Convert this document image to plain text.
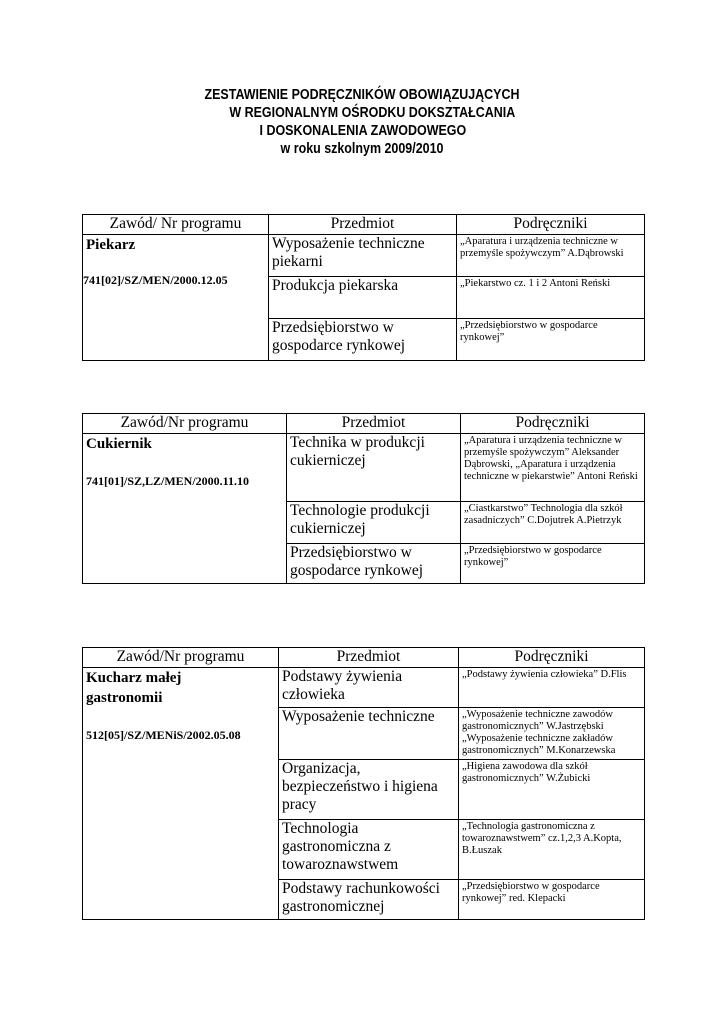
ZESTAWIENIE PODRĘCZNIKÓW OBOWIĄZUJĄCYCH
W REGIONALNYM OŚRODKU DOKSZTAŁCANIA
I DOSKONALENIA ZAWODOWEGO
w roku szkolnym 2009/2010
Zawód/ Nr programu	Przedmiot	Podręczniki

Piekarz
741[02]/SZ/MEN/2000.12.05	Wyposażenie techniczne piekarni	„Aparatura i urządzenia techniczne w przemyśle spożywczym” A.Dąbrowski
	Produkcja piekarska	„Piekarstwo cz. 1 i 2 Antoni Reński
	Przedsiębiorstwo w gospodarce rynkowej	„Przedsiębiorstwo w gospodarce rynkowej”
Zawód/Nr programu	Przedmiot	Podręczniki

Cukiernik
741[01]/SZ,LZ/MEN/2000.11.10	Technika w produkcji cukierniczej	„Aparatura i urządzenia techniczne w przemyśle spożywczym” Aleksander Dąbrowski, „Aparatura i urządzenia techniczne w piekarstwie” Antoni Reński
	Technologie produkcji cukierniczej	„Ciastkarstwo” Technologia dla szkół zasadniczych” C.Dojutrek A.Pietrzyk
	Przedsiębiorstwo w gospodarce rynkowej	„Przedsiębiorstwo w gospodarce rynkowej”
Zawód/Nr programu	Przedmiot	Podręczniki

Kucharz małej gastronomii
512[05]/SZ/MENiS/2002.05.08	Podstawy żywienia człowieka	„Podstawy żywienia człowieka” D.Flis
	Wyposażenie techniczne	„Wyposażenie techniczne zawodów gastronomicznych” W.Jastrzębski „Wyposażenie techniczne zakładów gastronomicznych” M.Konarzewska
	Organizacja, bezpieczeństwo i higiena pracy	„Higiena zawodowa dla szkół gastronomicznych” W.Żubicki
	Technologia gastronomiczna z towaroznawstwem	„Technologia gastronomiczna z towaroznawstwem” cz.1,2,3 A.Kopta, B.Łuszak
	Podstawy rachunkowości gastronomicznej	„Przedsiębiorstwo w gospodarce rynkowej” red. Klepacki
